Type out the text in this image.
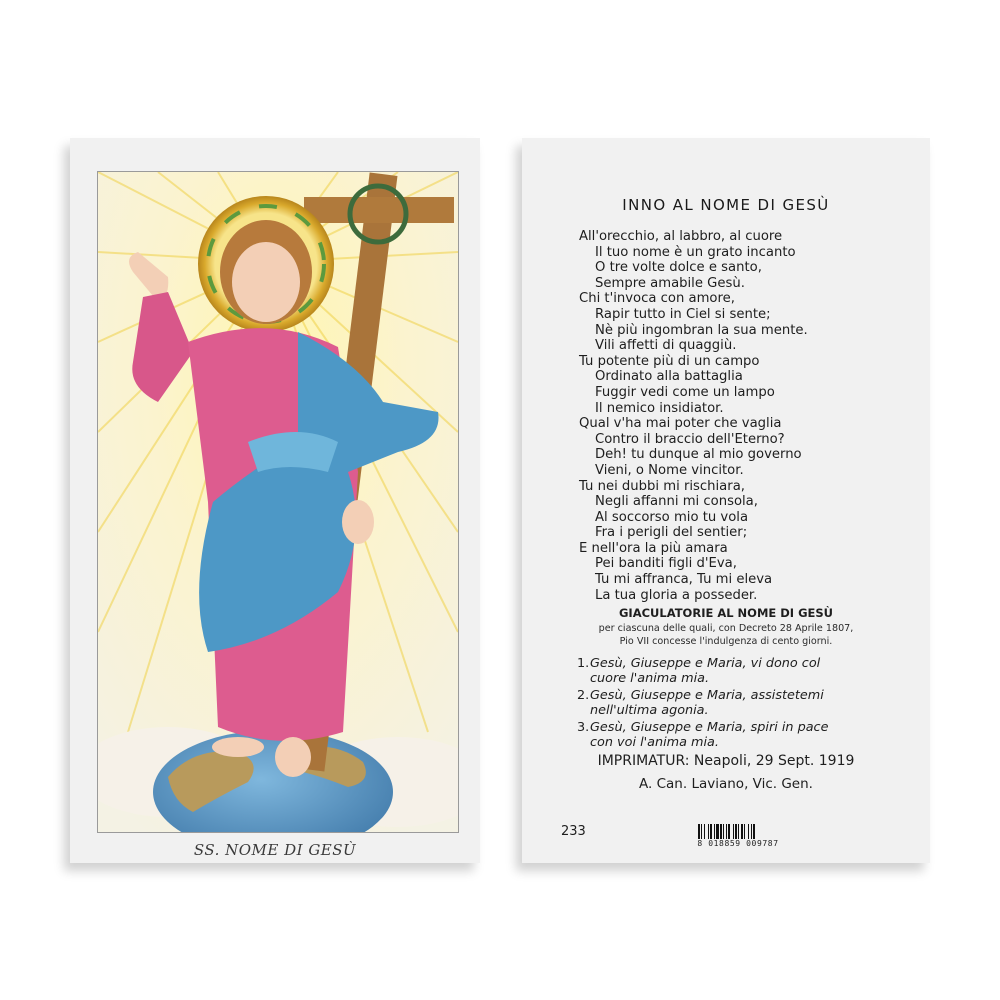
SS. NOME DI GESÙ
INNO AL NOME DI GESÙ
All'orecchio, al labbro, al cuore
Il tuo nome è un grato incanto
O tre volte dolce e santo,
Sempre amabile Gesù.
Chi t'invoca con amore,
Rapir tutto in Ciel si sente;
Nè più ingombran la sua mente.
Vili affetti di quaggiù.
Tu potente più di un campo
Ordinato alla battaglia
Fuggir vedi come un lampo
Il nemico insidiator.
Qual v'ha mai poter che vaglia
Contro il braccio dell'Eterno?
Deh! tu dunque al mio governo
Vieni, o Nome vincitor.
Tu nei dubbi mi rischiara,
Negli affanni mi consola,
Al soccorso mio tu vola
Fra i perigli del sentier;
E nell'ora la più amara
Pei banditi figli d'Eva,
Tu mi affranca, Tu mi eleva
La tua gloria a posseder.
GIACULATORIE AL NOME DI GESÙ
per ciascuna delle quali, con Decreto 28 Aprile 1807,
Pio VII concesse l'indulgenza di cento giorni.
1.Gesù, Giuseppe e Maria, vi dono col
cuore l'anima mia.
2.Gesù, Giuseppe e Maria, assistetemi
nell'ultima agonia.
3.Gesù, Giuseppe e Maria, spiri in pace
con voi l'anima mia.
IMPRIMATUR: Neapoli, 29 Sept. 1919
A. Can. Laviano, Vic. Gen.
233
8 018859 009787
